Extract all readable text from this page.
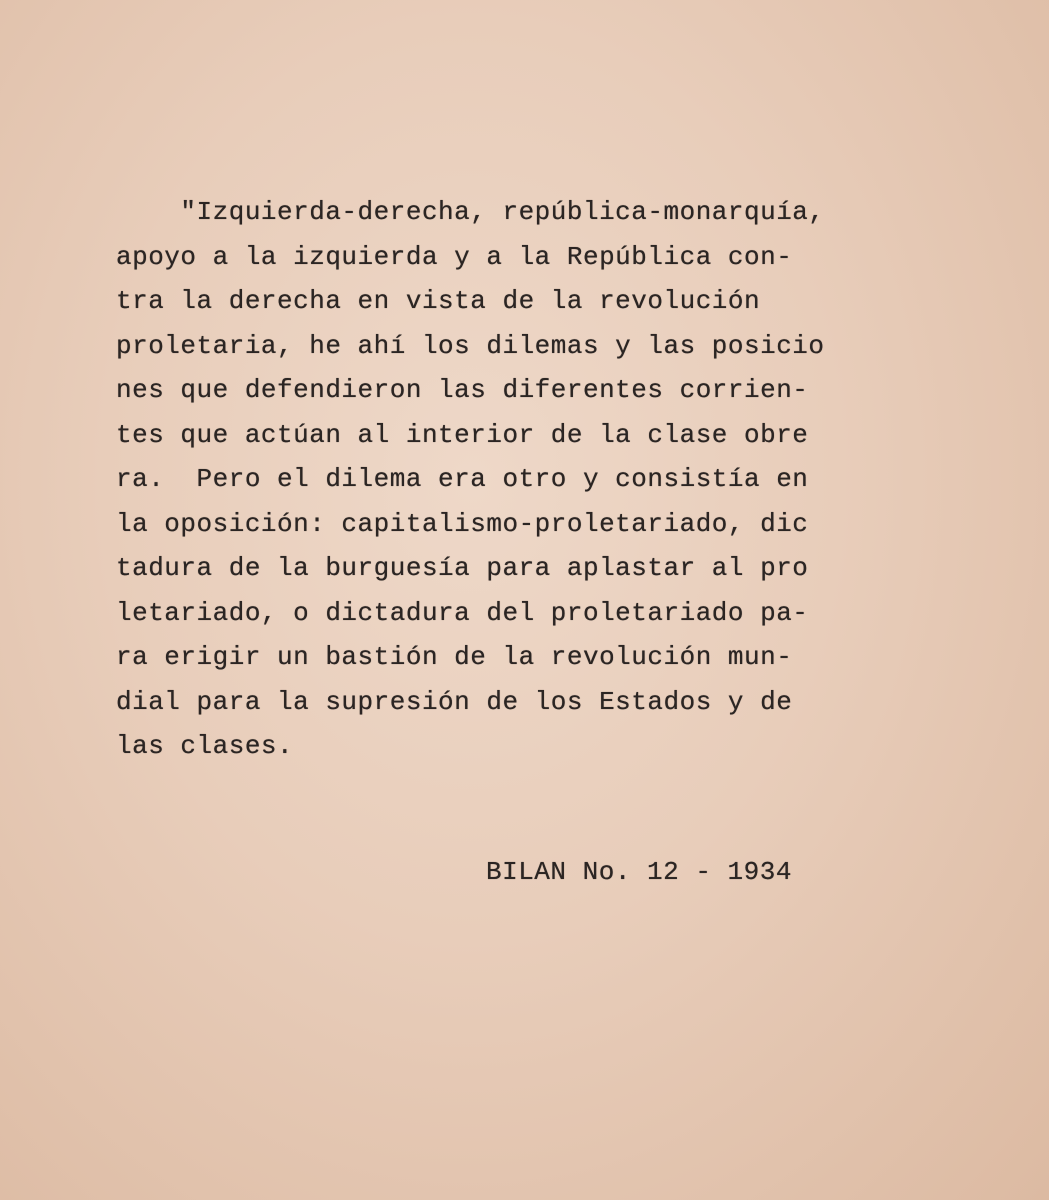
"Izquierda-derecha, república-monarquía,
apoyo a la izquierda y a la República con-
tra la derecha en vista de la revolución
proletaria, he ahí los dilemas y las posicio
nes que defendieron las diferentes corrien-
tes que actúan al interior de la clase obre
ra.  Pero el dilema era otro y consistía en
la oposición: capitalismo-proletariado, dic
tadura de la burguesía para aplastar al pro
letariado, o dictadura del proletariado pa-
ra erigir un bastión de la revolución mun-
dial para la supresión de los Estados y de
las clases.
BILAN No. 12 - 1934
